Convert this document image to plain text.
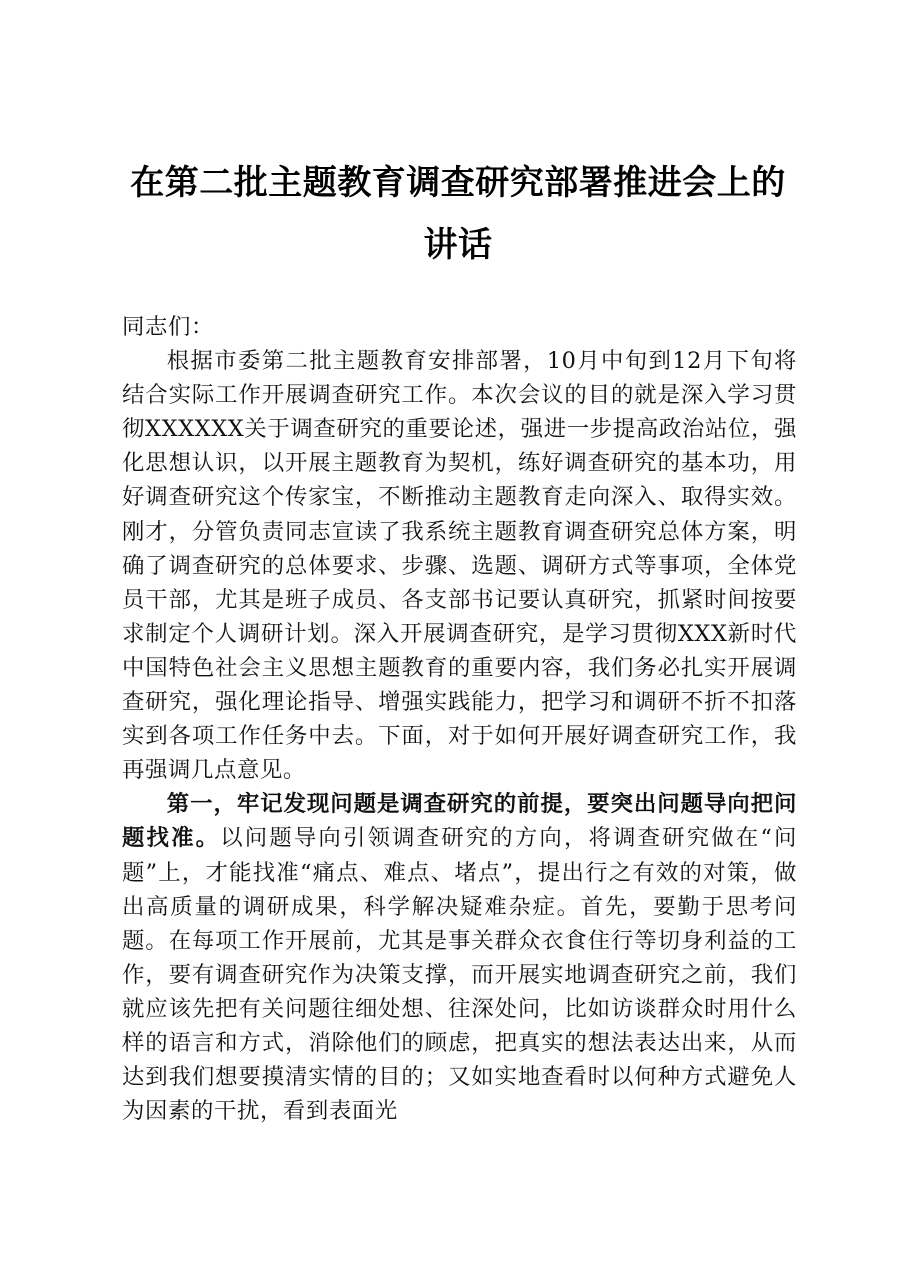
在第二批主题教育调查研究部署推进会上的讲话

同志们：

根据市委第二批主题教育安排部署，10月中旬到12月下旬将结合实际工作开展调查研究工作。本次会议的目的就是深入学习贯彻XXXXXX关于调查研究的重要论述，强进一步提高政治站位，强化思想认识，以开展主题教育为契机，练好调查研究的基本功，用好调查研究这个传家宝，不断推动主题教育走向深入、取得实效。刚才，分管负责同志宣读了我系统主题教育调查研究总体方案，明确了调查研究的总体要求、步骤、选题、调研方式等事项，全体党员干部，尤其是班子成员、各支部书记要认真研究，抓紧时间按要求制定个人调研计划。深入开展调查研究，是学习贯彻XXX新时代中国特色社会主义思想主题教育的重要内容，我们务必扎实开展调查研究，强化理论指导、增强实践能力，把学习和调研不折不扣落实到各项工作任务中去。下面，对于如何开展好调查研究工作，我再强调几点意见。

第一，牢记发现问题是调查研究的前提，要突出问题导向把问题找准。以问题导向引领调查研究的方向，将调查研究做在“问题”上，才能找准“痛点、难点、堵点”，提出行之有效的对策，做出高质量的调研成果，科学解决疑难杂症。首先，要勤于思考问题。在每项工作开展前，尤其是事关群众衣食住行等切身利益的工作，要有调查研究作为决策支撑，而开展实地调查研究之前，我们就应该先把有关问题往细处想、往深处问，比如访谈群众时用什么样的语言和方式，消除他们的顾虑，把真实的想法表达出来，从而达到我们想要摸清实情的目的；又如实地查看时以何种方式避免人为因素的干扰，看到表面光
